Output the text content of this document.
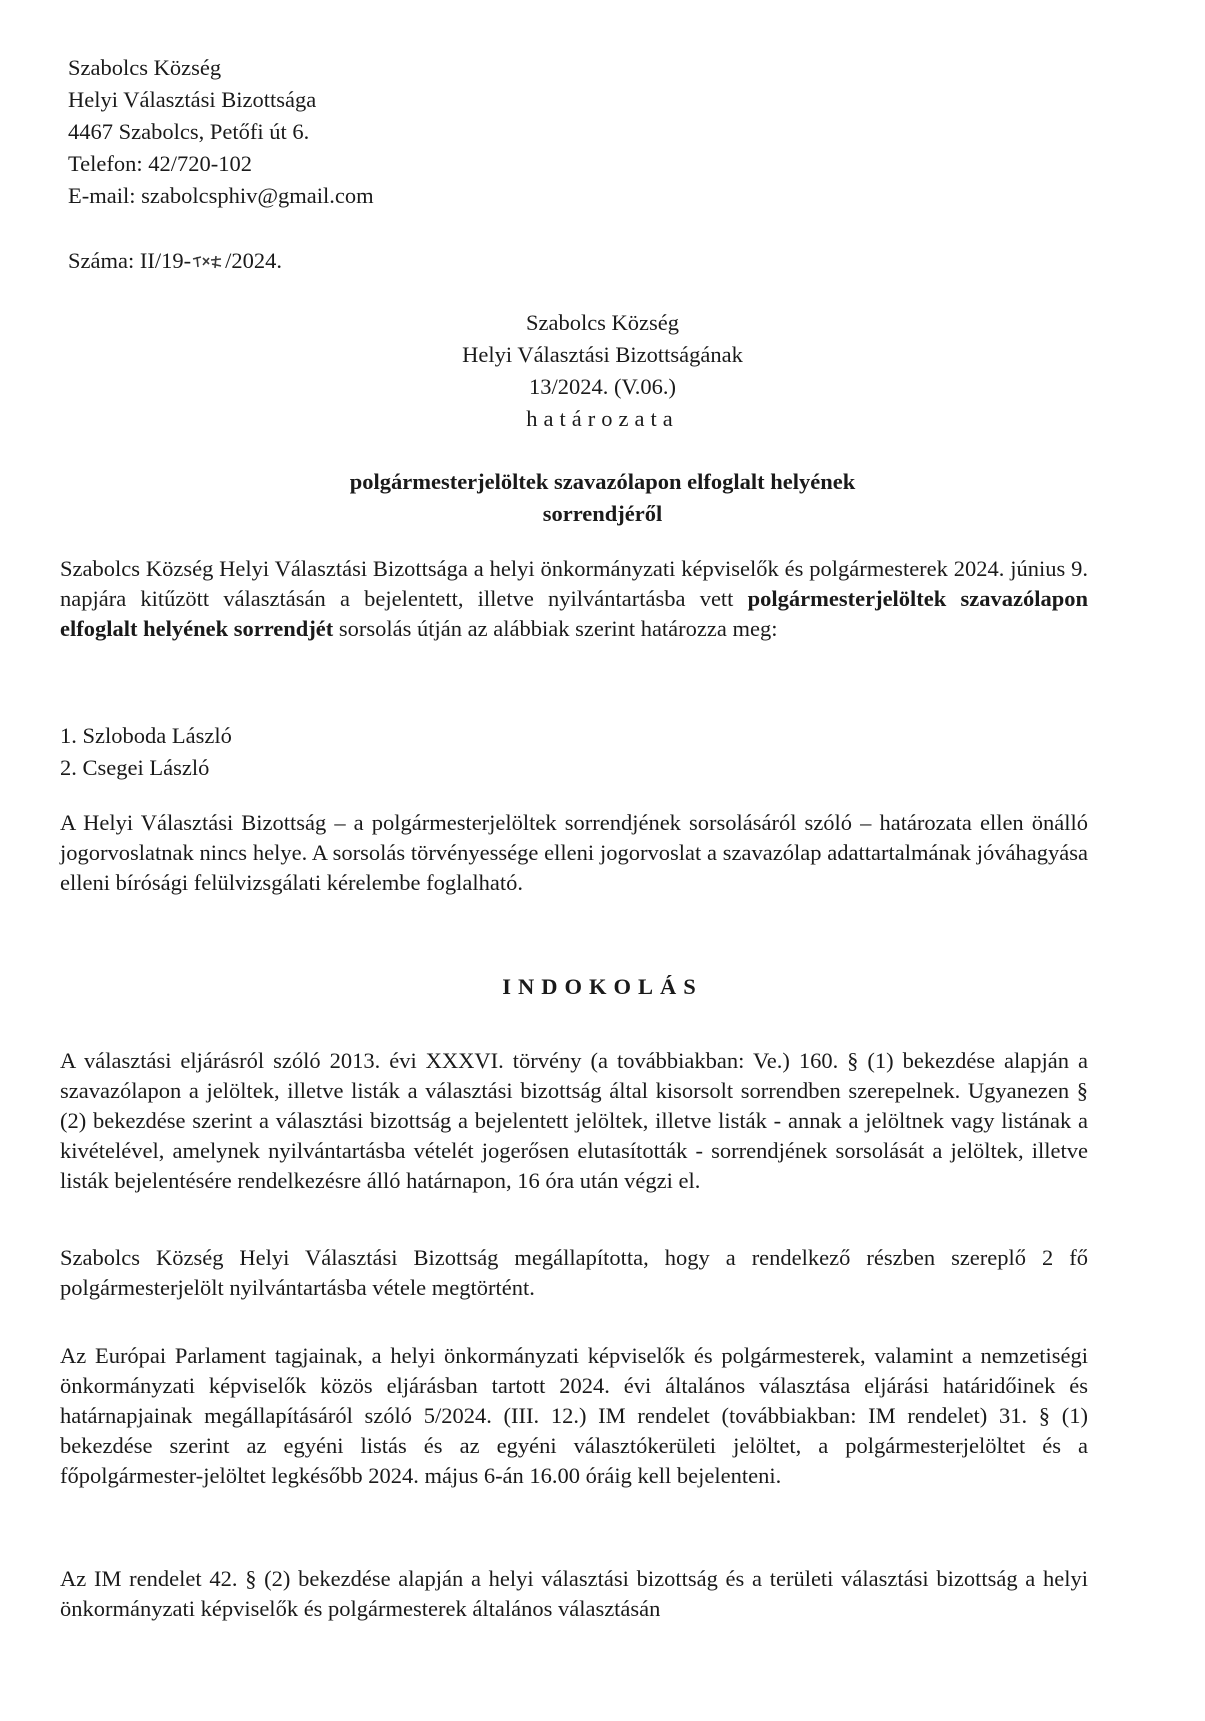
Szabolcs Község
Helyi Választási Bizottsága
4467 Szabolcs, Petőfi út 6.
Telefon: 42/720-102
E-mail: szabolcsphiv@gmail.com
Száma: II/19- /2024.
Szabolcs Község
Helyi Választási Bizottságának
13/2024. (V.06.)
határozata
polgármesterjelöltek szavazólapon elfoglalt helyének
sorrendjéről
Szabolcs Község Helyi Választási Bizottsága a helyi önkormányzati képviselők és polgármesterek 2024. június 9. napjára kitűzött választásán a bejelentett, illetve nyilvántartásba vett polgármesterjelöltek szavazólapon elfoglalt helyének sorrendjét sorsolás útján az alábbiak szerint határozza meg:
1. Szloboda László
2. Csegei László
A Helyi Választási Bizottság – a polgármesterjelöltek sorrendjének sorsolásáról szóló – határozata ellen önálló jogorvoslatnak nincs helye. A sorsolás törvényessége elleni jogorvoslat a szavazólap adattartalmának jóváhagyása elleni bírósági felülvizsgálati kérelembe foglalható.
INDOKOLÁS
A választási eljárásról szóló 2013. évi XXXVI. törvény (a továbbiakban: Ve.) 160. § (1) bekezdése alapján a szavazólapon a jelöltek, illetve listák a választási bizottság által kisorsolt sorrendben szerepelnek. Ugyanezen § (2) bekezdése szerint a választási bizottság a bejelentett jelöltek, illetve listák - annak a jelöltnek vagy listának a kivételével, amelynek nyilvántartásba vételét jogerősen elutasították - sorrendjének sorsolását a jelöltek, illetve listák bejelentésére rendelkezésre álló határnapon, 16 óra után végzi el.
Szabolcs Község Helyi Választási Bizottság megállapította, hogy a rendelkező részben szereplő 2 fő polgármesterjelölt nyilvántartásba vétele megtörtént.
Az Európai Parlament tagjainak, a helyi önkormányzati képviselők és polgármesterek, valamint a nemzetiségi önkormányzati képviselők közös eljárásban tartott 2024. évi általános választása eljárási határidőinek és határnapjainak megállapításáról szóló 5/2024. (III. 12.) IM rendelet (továbbiakban: IM rendelet) 31. § (1) bekezdése szerint az egyéni listás és az egyéni választókerületi jelöltet, a polgármesterjelöltet és a főpolgármester-jelöltet legkésőbb 2024. május 6-án 16.00 óráig kell bejelenteni.
Az IM rendelet 42. § (2) bekezdése alapján a helyi választási bizottság és a területi választási bizottság a helyi önkormányzati képviselők és polgármesterek általános választásán
